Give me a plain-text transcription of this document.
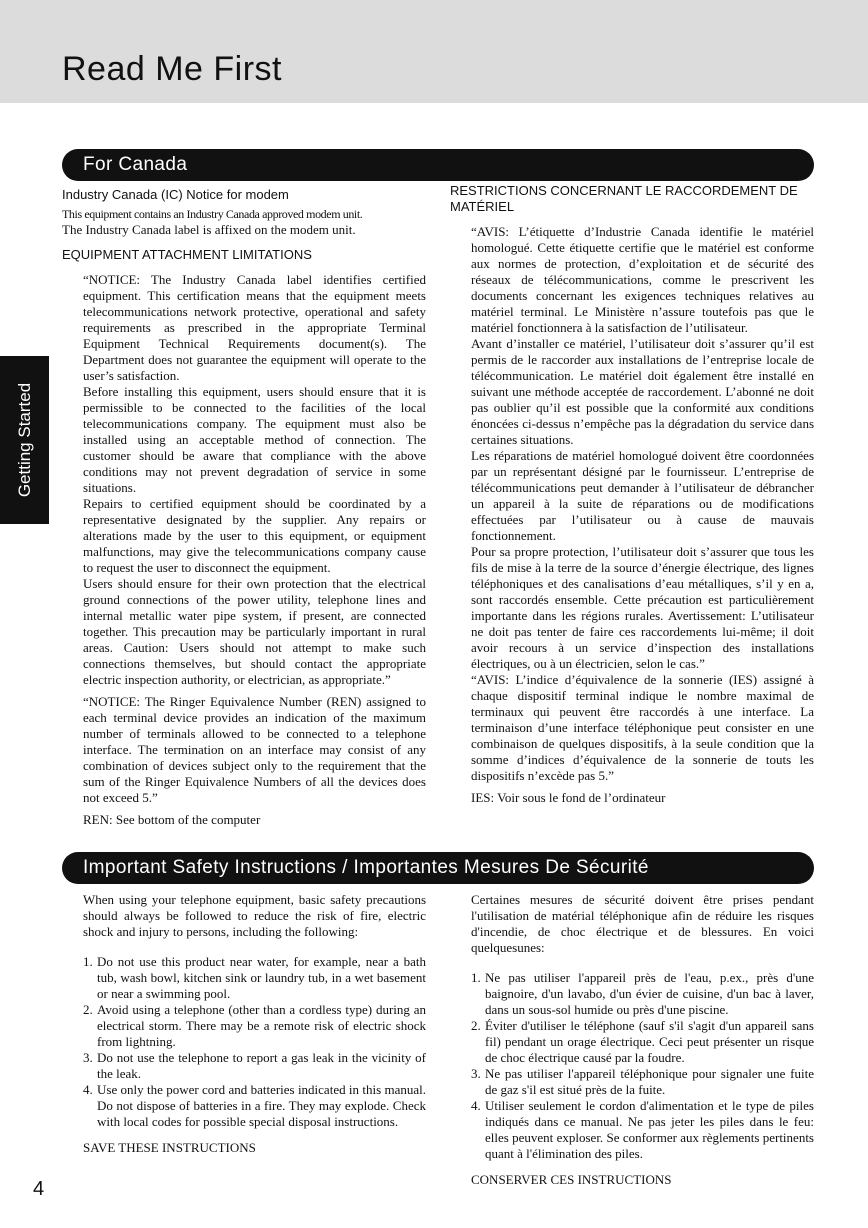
Read Me First
Getting Started
For Canada

Industry Canada (IC) Notice for modem

This equipment contains an Industry Canada approved modem unit.

The Industry Canada label is affixed on the modem unit.

EQUIPMENT ATTACHMENT LIMITATIONS

“NOTICE: The Industry Canada label identifies certified equipment. This certification means that the equipment meets telecommunications network protective, operational and safety requirements as prescribed in the appropriate Terminal Equipment Technical Requirements document(s). The Department does not guarantee the equipment will operate to the user’s satisfaction.

Before installing this equipment, users should ensure that it is permissible to be connected to the facilities of the local telecommunications company. The equipment must also be installed using an acceptable method of connection. The customer should be aware that compliance with the above conditions may not prevent degradation of service in some situations.

Repairs to certified equipment should be coordinated by a representative designated by the supplier. Any repairs or alterations made by the user to this equipment, or equipment malfunctions, may give the telecommunications company cause to request the user to disconnect the equipment.

Users should ensure for their own protection that the electrical ground connections of the power utility, telephone lines and internal metallic water pipe system, if present, are connected together. This precaution may be particularly important in rural areas. Caution: Users should not attempt to make such connections themselves, but should contact the appropriate electric inspection authority, or electrician, as appropriate.”

“NOTICE: The Ringer Equivalence Number (REN) assigned to each terminal device provides an indication of the maximum number of terminals allowed to be connected to a telephone interface. The termination on an interface may consist of any combination of devices subject only to the requirement that the sum of the Ringer Equivalence Numbers of all the devices does not exceed 5.”

REN: See bottom of the computer

RESTRICTIONS CONCERNANT LE RACCORDEMENT DE MATÉRIEL

“AVIS: L’étiquette d’Industrie Canada identifie le matériel homologué. Cette étiquette certifie que le matériel est conforme aux normes de protection, d’exploitation et de sécurité des réseaux de télécommunications, comme le prescrivent les documents concernant les exigences techniques relatives au matériel terminal. Le Ministère n’assure toutefois pas que le matériel fonctionnera à la satisfaction de l’utilisateur.

Avant d’installer ce matériel, l’utilisateur doit s’assurer qu’il est permis de le raccorder aux installations de l’entreprise locale de télécommunication. Le matériel doit également être installé en suivant une méthode acceptée de raccordement. L’abonné ne doit pas oublier qu’il est possible que la conformité aux conditions énoncées ci-dessus n’empêche pas la dégradation du service dans certaines situations.

Les réparations de matériel homologué doivent être coordonnées par un représentant désigné par le fournisseur. L’entreprise de télécommunications peut demander à l’utilisateur de débrancher un appareil à la suite de réparations ou de modifications effectuées par l’utilisateur ou à cause de mauvais fonctionnement.

Pour sa propre protection, l’utilisateur doit s’assurer que tous les fils de mise à la terre de la source d’énergie électrique, des lignes téléphoniques et des canalisations d’eau métalliques, s’il y en a, sont raccordés ensemble. Cette précaution est particulièrement importante dans les régions rurales. Avertissement: L’utilisateur ne doit pas tenter de faire ces raccordements lui-même; il doit avoir recours à un service d’inspection des installations électriques, ou à un électricien, selon le cas.”

“AVIS: L’indice d’équivalence de la sonnerie (IES) assigné à chaque dispositif terminal indique le nombre maximal de terminaux qui peuvent être raccordés à une interface. La terminaison d’une interface téléphonique peut consister en une combinaison de quelques dispositifs, à la seule condition que la somme d’indices d’équivalence de la sonnerie de touts les dispositifs n’excède pas 5.”

IES: Voir sous le fond de l’ordinateur

Important Safety Instructions / Importantes Mesures De Sécurité

When using your telephone equipment, basic safety precautions should always be followed to reduce the risk of fire, electric shock and injury to persons, including the following:

1. Do not use this product near water, for example, near a bath tub, wash bowl, kitchen sink or laundry tub, in a wet basement or near a swimming pool.
2. Avoid using a telephone (other than a cordless type) during an electrical storm. There may be a remote risk of electric shock from lightning.
3. Do not use the telephone to report a gas leak in the vicinity of the leak.
4. Use only the power cord and batteries indicated in this manual. Do not dispose of batteries in a fire. They may explode. Check with local codes for possible special disposal instructions.

SAVE THESE INSTRUCTIONS

Certaines mesures de sécurité doivent être prises pendant l'utilisation de matérial téléphonique afin de réduire les risques d'incendie, de choc électrique et de blessures. En voici quelquesunes:

1. Ne pas utiliser l'appareil près de l'eau, p.ex., près d'une baignoire, d'un lavabo, d'un évier de cuisine, d'un bac à laver, dans un sous-sol humide ou près d'une piscine.
2. Éviter d'utiliser le téléphone (sauf s'il s'agit d'un appareil sans fil) pendant un orage électrique. Ceci peut présenter un risque de choc électrique causé par la foudre.
3. Ne pas utiliser l'appareil téléphonique pour signaler une fuite de gaz s'il est situé près de la fuite.
4. Utiliser seulement le cordon d'alimentation et le type de piles indiqués dans ce manual. Ne pas jeter les piles dans le feu: elles peuvent exploser. Se conformer aux règlements pertinents quant à l'élimination des piles.

CONSERVER CES INSTRUCTIONS

4
